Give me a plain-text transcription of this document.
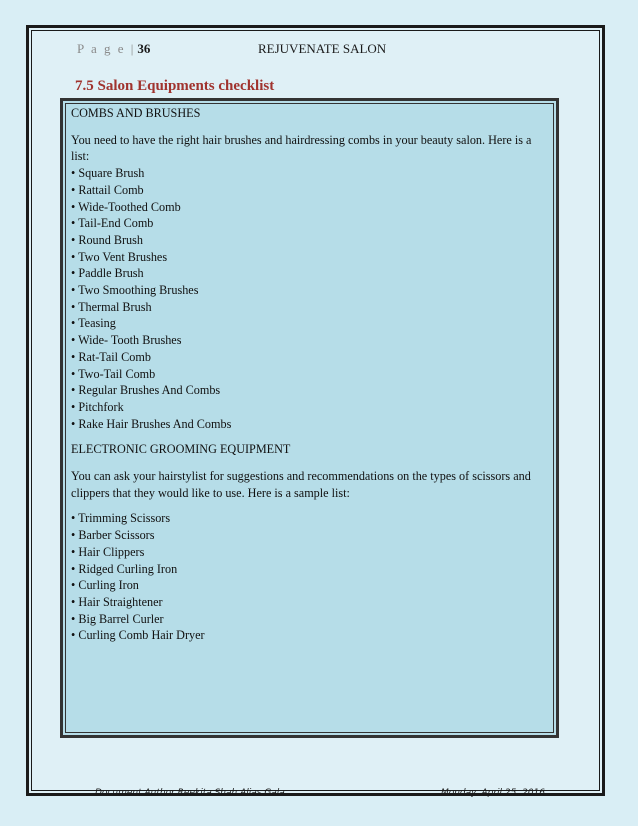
P a g e | 36	REJUVENATE SALON
7.5 Salon Equipments checklist

COMBS AND BRUSHES

You need to have the right hair brushes and hairdressing combs in your beauty salon. Here is a list:

• Square Brush
• Rattail Comb
• Wide-Toothed Comb
• Tail-End Comb
• Round Brush
• Two Vent Brushes
• Paddle Brush
• Two Smoothing Brushes
• Thermal Brush
• Teasing
• Wide- Tooth Brushes
• Rat-Tail Comb
• Two-Tail Comb
• Regular Brushes And Combs
• Pitchfork
• Rake Hair Brushes And Combs

ELECTRONIC GROOMING EQUIPMENT

You can ask your hairstylist for suggestions and recommendations on the types of scissors and clippers that they would like to use. Here is a sample list:

• Trimming Scissors
• Barber Scissors
• Hair Clippers
• Ridged Curling Iron
• Curling Iron
• Hair Straightener
• Big Barrel Curler
• Curling Comb Hair Dryer
Document Author Reekita Shah Alias Gala	Monday, April 25, 2016
